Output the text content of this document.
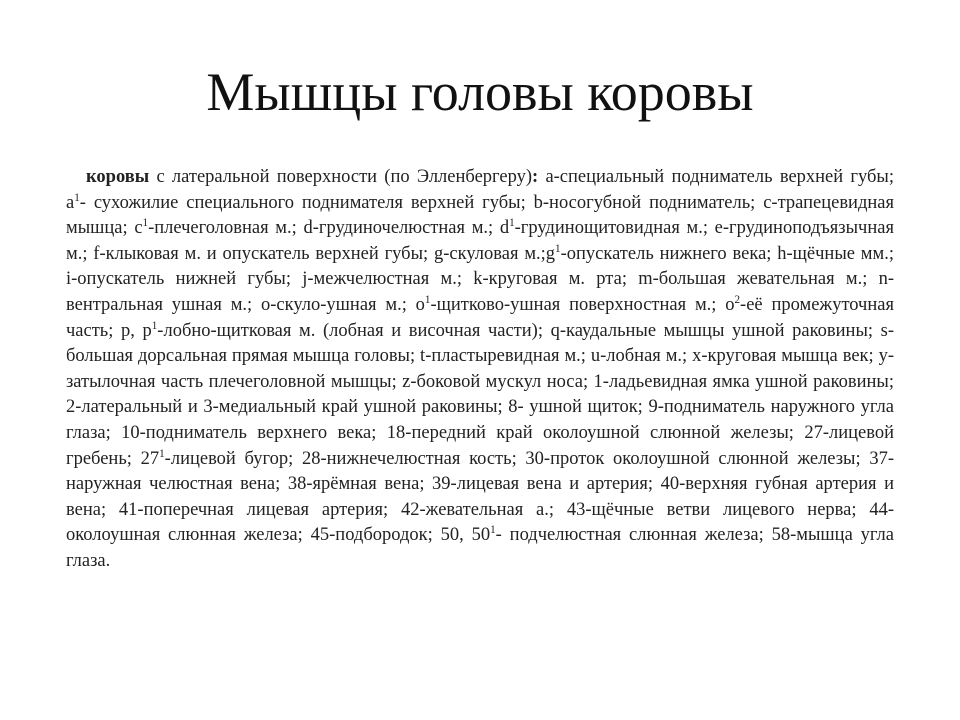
Мышцы головы коровы

коровы с латеральной поверхности (по Элленбергеру): а-специальный подниматель верхней губы; $а^1-$ сухожилие специального поднимателя верхней губы; b-носогубной подниматель; c-трапецевидная мышца; $c^1$-плечеголовная м.; d-грудиночелюстная м.; $d^1$-грудинощитовидная м.; e-грудиноподъязычная м.; f-клыковая м. и опускатель верхней губы; g-скуловая $м.;g^1$-опускатель нижнего века; h-щёчные мм.; i-опускатель нижней губы; j-межчелюстная м.; k-круговая м. рта; m-большая жевательная м.; n-вентральная ушная м.; о-скуло-ушная м.; $о^1-щитково$-ушная поверхностная м.; $о^2-её$ промежуточная часть; р, $р^1-лобно$-щитковая м. (лобная и височная части); q-каудальные мышцы ушной раковины; s-большая дорсальная прямая мышца головы; t-пластыревидная м.; u-лобная м.; x-круговая мышца век; у-затылочная часть плечеголовной мышцы; z-боковой мускул носа; 1-ладьевидная ямка ушной раковины; 2-латеральный и 3-медиальный край ушной раковины; 8- ушной щиток; 9-подниматель наружного угла глаза; 10-подниматель верхнего века; 18-передний край околоушной слюнной железы; 27-лицевой гребень; $27^1$-лицевой бугор; 28-нижнечелюстная кость; 30-проток околоушной слюнной железы; 37-наружная челюстная вена; 38-ярёмная вена; 39-лицевая вена и артерия; 40-верхняя губная артерия и вена; 41-поперечная лицевая артерия; 42-жевательная а.; 43-щёчные ветви лицевого нерва; 44-околоушная слюнная железа; 45-подбородок; 50, $50^1-$ подчелюстная слюнная железа; 58-мышца угла глаза.
